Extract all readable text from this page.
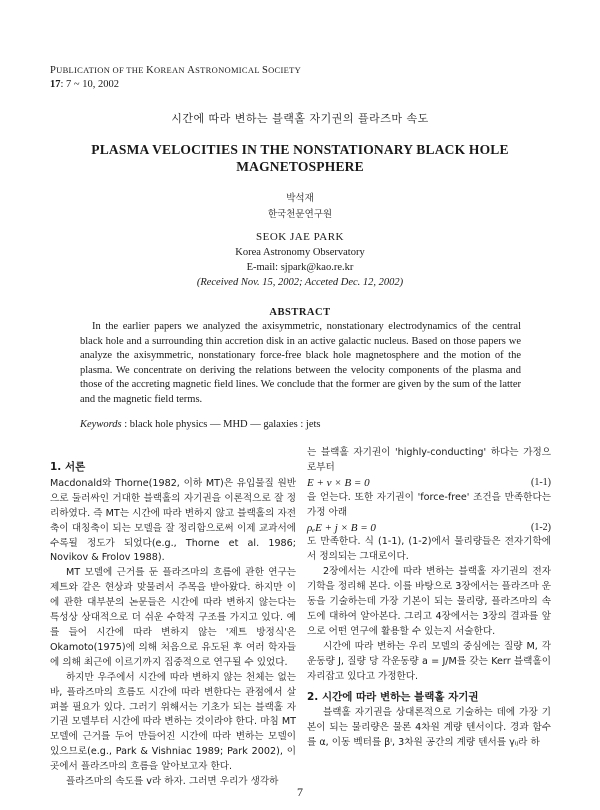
PUBLICATION OF THE KOREAN ASTRONOMICAL SOCIETY
17: 7 ~ 10, 2002
시간에 따라 변하는 블랙홀 자기권의 플라즈마 속도
PLASMA VELOCITIES IN THE NONSTATIONARY BLACK HOLE
MAGNETOSPHERE
박석재
한국천문연구원
SEOK JAE PARK
Korea Astronomy Observatory
E-mail: sjpark@kao.re.kr
(Received Nov. 15, 2002; Acceted Dec. 12, 2002)
ABSTRACT
In the earlier papers we analyzed the axisymmetric, nonstationary electrodynamics of the central black hole and a surrounding thin accretion disk in an active galactic nucleus. Based on those papers we analyze the axisymmetric, nonstationary force-free black hole magnetosphere and the motion of the plasma. We concentrate on deriving the relations between the velocity components of the plasma and those of the accreting magnetic field lines. We conclude that the former are given by the sum of the latter and the magnetic field terms.
Keywords : black hole physics — MHD — galaxies : jets
1. 서론

Macdonald와 Thorne(1982, 이하 MT)은 유입물질 원반으로 둘러싸인 거대한 블랙홀의 자기권을 이론적으로 잘 정리하였다. 즉 MT는 시간에 따라 변하지 않고 블랙홀의 자전축이 대칭축이 되는 모델을 잘 정리함으로써 이제 교과서에 수록될 정도가 되었다(e.g., Thorne et al. 1986; Novikov & Frolov 1988).

MT 모델에 근거를 둔 플라즈마의 흐름에 관한 연구는 제트와 같은 현상과 맞물려서 주목을 받아왔다. 하지만 이에 관한 대부분의 논문들은 시간에 따라 변하지 않는다는 특성상 상대적으로 더 쉬운 수학적 구조를 가지고 있다. 예를 들어 시간에 따라 변하지 않는 '제트 방정식'은 Okamoto(1975)에 의해 처음으로 유도된 후 여러 학자들에 의해 최근에 이르기까지 집중적으로 연구될 수 있었다.

하지만 우주에서 시간에 따라 변하지 않는 천체는 없는 바, 플라즈마의 흐름도 시간에 따라 변한다는 관점에서 살펴볼 필요가 있다. 그러기 위해서는 기초가 되는 블랙홀 자기권 모델부터 시간에 따라 변하는 것이라야 한다. 마침 MT 모델에 근거를 두어 만들어진 시간에 따라 변하는 모델이 있으므로(e.g., Park & Vishniac 1989; Park 2002), 이 곳에서 플라즈마의 흐름을 알아보고자 한다.

플라즈마의 속도를 v라 하자. 그러면 우리가 생각하

는 블랙홀 자기권이 'highly-conducting' 하다는 가정으로부터

E + v × B = 0	(1-1)

을 얻는다. 또한 자기권이 'force-free' 조건을 만족한다는 가정 아래

ρₑE + j × B = 0	(1-2)

도 만족한다. 식 (1-1), (1-2)에서 물리량들은 전자기학에서 정의되는 그대로이다.

2장에서는 시간에 따라 변하는 블랙홀 자기권의 전자기학을 정리해 본다. 이를 바탕으로 3장에서는 플라즈마 운동을 기술하는데 가장 기본이 되는 물리량, 플라즈마의 속도에 대하여 알아본다. 그리고 4장에서는 3장의 결과를 앞으로 어떤 연구에 활용할 수 있는지 서술한다.

시간에 따라 변하는 우리 모델의 중심에는 질량 M, 각운동량 J, 질량 당 각운동량 a = J/M를 갖는 Kerr 블랙홀이 자리잡고 있다고 가정한다.

2. 시간에 따라 변하는 블랙홀 자기권

블랙홀 자기권을 상대론적으로 기술하는 데에 가장 기본이 되는 물리량은 물론 4차원 계량 텐서이다. 경과 함수를 α, 이동 벡터를 βⁱ, 3차원 공간의 계량 텐서를 γᵢⱼ라 하

7
